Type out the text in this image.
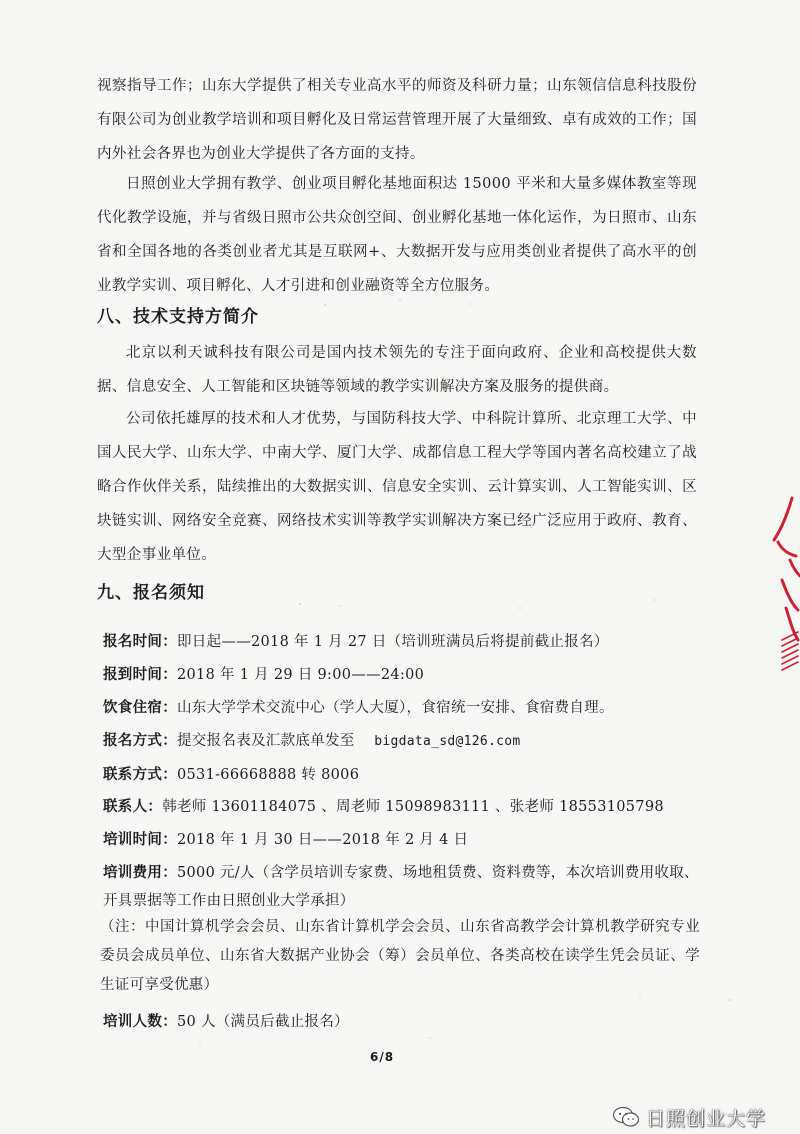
视察指导工作；山东大学提供了相关专业高水平的师资及科研力量；山东领信信息科技股份有限公司为创业教学培训和项目孵化及日常运营管理开展了大量细致、卓有成效的工作；国内外社会各界也为创业大学提供了各方面的支持。

日照创业大学拥有教学、创业项目孵化基地面积达 15000 平米和大量多媒体教室等现代化教学设施，并与省级日照市公共众创空间、创业孵化基地一体化运作，为日照市、山东省和全国各地的各类创业者尤其是互联网+、大数据开发与应用类创业者提供了高水平的创业教学实训、项目孵化、人才引进和创业融资等全方位服务。

八、技术支持方简介

北京以利天诚科技有限公司是国内技术领先的专注于面向政府、企业和高校提供大数据、信息安全、人工智能和区块链等领域的教学实训解决方案及服务的提供商。

公司依托雄厚的技术和人才优势，与国防科技大学、中科院计算所、北京理工大学、中国人民大学、山东大学、中南大学、厦门大学、成都信息工程大学等国内著名高校建立了战略合作伙伴关系，陆续推出的大数据实训、信息安全实训、云计算实训、人工智能实训、区块链实训、网络安全竞赛、网络技术实训等教学实训解决方案已经广泛应用于政府、教育、大型企事业单位。

九、报名须知

报名时间：即日起——2018 年 1 月 27 日（培训班满员后将提前截止报名）

报到时间：2018 年 1 月 29 日 9:00——24:00

饮食住宿：山东大学学术交流中心（学人大厦），食宿统一安排、食宿费自理。

报名方式：提交报名表及汇款底单发至 bigdata_sd@126.com

联系方式：0531-66668888 转 8006

联系人：韩老师 13601184075 、周老师 15098983111 、张老师 18553105798

培训时间：2018 年 1 月 30 日——2018 年 2 月 4 日

培训费用：5000 元/人（含学员培训专家费、场地租赁费、资料费等，本次培训费用收取、

开具票据等工作由日照创业大学承担）

（注：中国计算机学会会员、山东省计算机学会会员、山东省高教学会计算机教学研究专业委员会成员单位、山东省大数据产业协会（筹）会员单位、各类高校在读学生凭会员证、学生证可享受优惠）

培训人数：50 人（满员后截止报名）

6/8
日照创业大学
